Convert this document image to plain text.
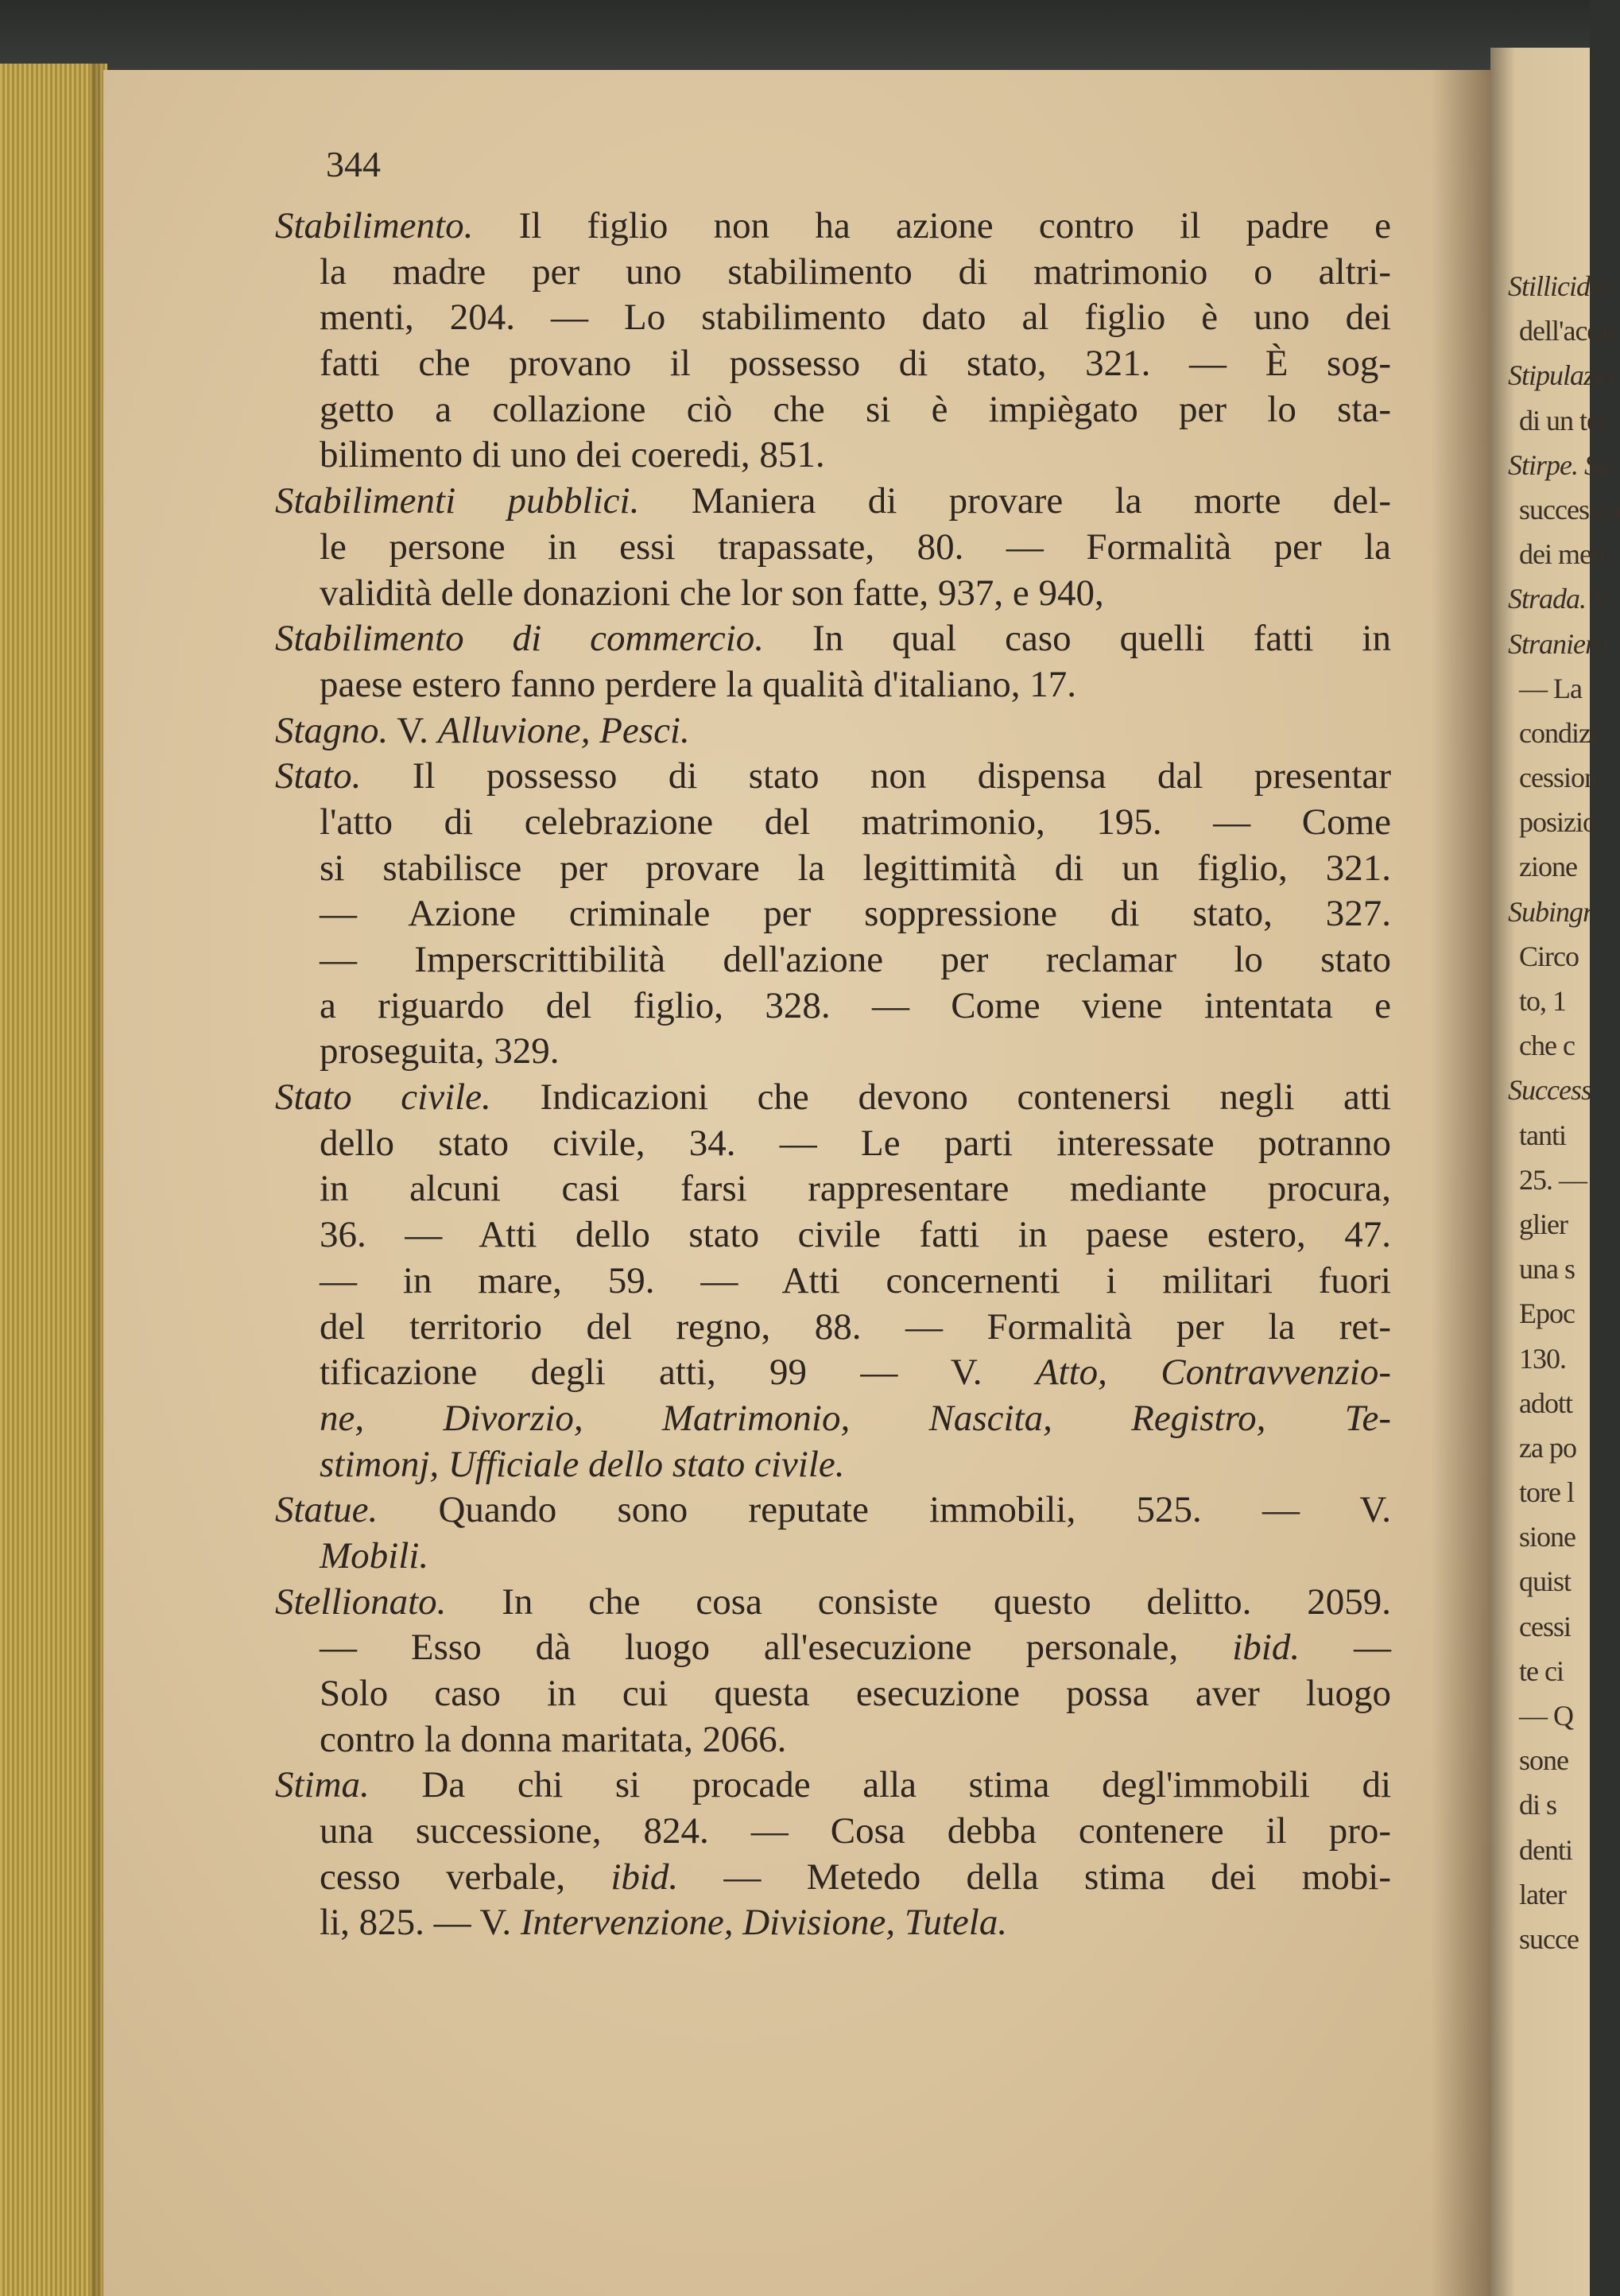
Stillicidio
dell'acqu
Stipulazio
di un ter
Stirpe. Su
successio
dei men
Strada. V
Straniero
— La
condizi
cession
posizio
zione
Subingr
Circo
to, 1
che c
Success
tanti
25. —
glier
una s
Epoc
130.
adott
za po
tore l
sione
quist
cessi
te ci
— Q
sone
di s
denti
later
succe
344
Stabilimento. Il figlio non ha azione contro il padre e
la madre per uno stabilimento di matrimonio o altri-
menti, 204. — Lo stabilimento dato al figlio è uno dei
fatti che provano il possesso di stato, 321. — È sog-
getto a collazione ciò che si è impiègato per lo sta-
bilimento di uno dei coeredi, 851.
Stabilimenti pubblici. Maniera di provare la morte del-
le persone in essi trapassate, 80. — Formalità per la
validità delle donazioni che lor son fatte, 937, e 940,
Stabilimento di commercio. In qual caso quelli fatti in
paese estero fanno perdere la qualità d'italiano, 17.
Stagno. V. Alluvione, Pesci.
Stato. Il possesso di stato non dispensa dal presentar
l'atto di celebrazione del matrimonio, 195. — Come
si stabilisce per provare la legittimità di un figlio, 321.
— Azione criminale per soppressione di stato, 327.
— Imperscrittibilità dell'azione per reclamar lo stato
a riguardo del figlio, 328. — Come viene intentata e
proseguita, 329.
Stato civile. Indicazioni che devono contenersi negli atti
dello stato civile, 34. — Le parti interessate potranno
in alcuni casi farsi rappresentare mediante procura,
36. — Atti dello stato civile fatti in paese estero, 47.
— in mare, 59. — Atti concernenti i militari fuori
del territorio del regno, 88. — Formalità per la ret-
tificazione degli atti, 99 — V. Atto, Contravvenzio-
ne, Divorzio, Matrimonio, Nascita, Registro, Te-
stimonj, Ufficiale dello stato civile.
Statue. Quando sono reputate immobili, 525. — V.
Mobili.
Stellionato. In che cosa consiste questo delitto. 2059.
— Esso dà luogo all'esecuzione personale, ibid. —
Solo caso in cui questa esecuzione possa aver luogo
contro la donna maritata, 2066.
Stima. Da chi si procade alla stima degl'immobili di
una successione, 824. — Cosa debba contenere il pro-
cesso verbale, ibid. — Metedo della stima dei mobi-
li, 825. — V. Intervenzione, Divisione, Tutela.
